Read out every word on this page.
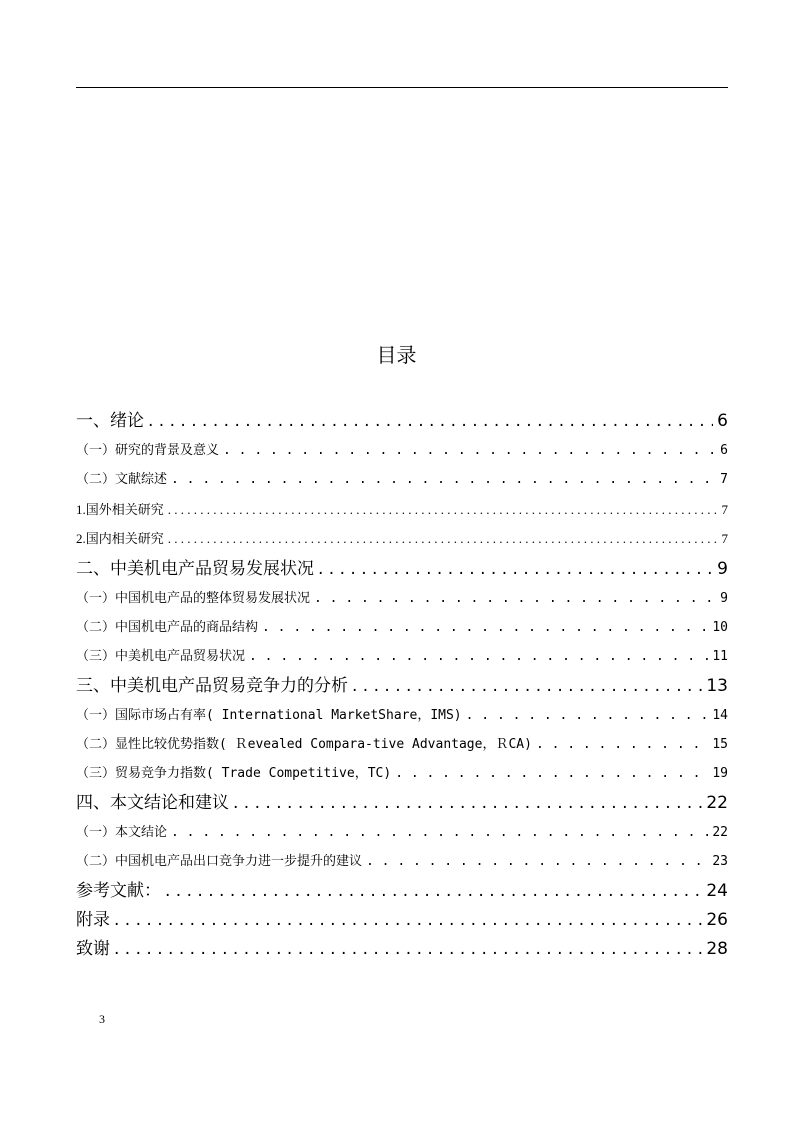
目录
一、绪论 . . .	6
（一）研究的背景及意义 . . .	6
（二）文献综述 . . .	7
1.国外相关研究 . . .	7
2.国内相关研究 . . .	7
二、中美机电产品贸易发展状况 . . .	9
（一）中国机电产品的整体贸易发展状况 . . .	9
（二）中国机电产品的商品结构 . . .	10
（三）中美机电产品贸易状况 . . .	11
三、中美机电产品贸易竞争力的分析 . . .	13
（一）国际市场占有率( International MarketShare，IMS) . . .	14
（二）显性比较优势指数( Ｒevealed Compara-tive Advantage，ＲCA) . . .	15
（三）贸易竞争力指数( Trade Competitive，TC) . . .	19
四、本文结论和建议 . . .	22
（一）本文结论 . . .	22
（二）中国机电产品出口竞争力进一步提升的建议 . . .	23
参考文献： . . .	24
附录 . . .	26
致谢 . . .	28
3
